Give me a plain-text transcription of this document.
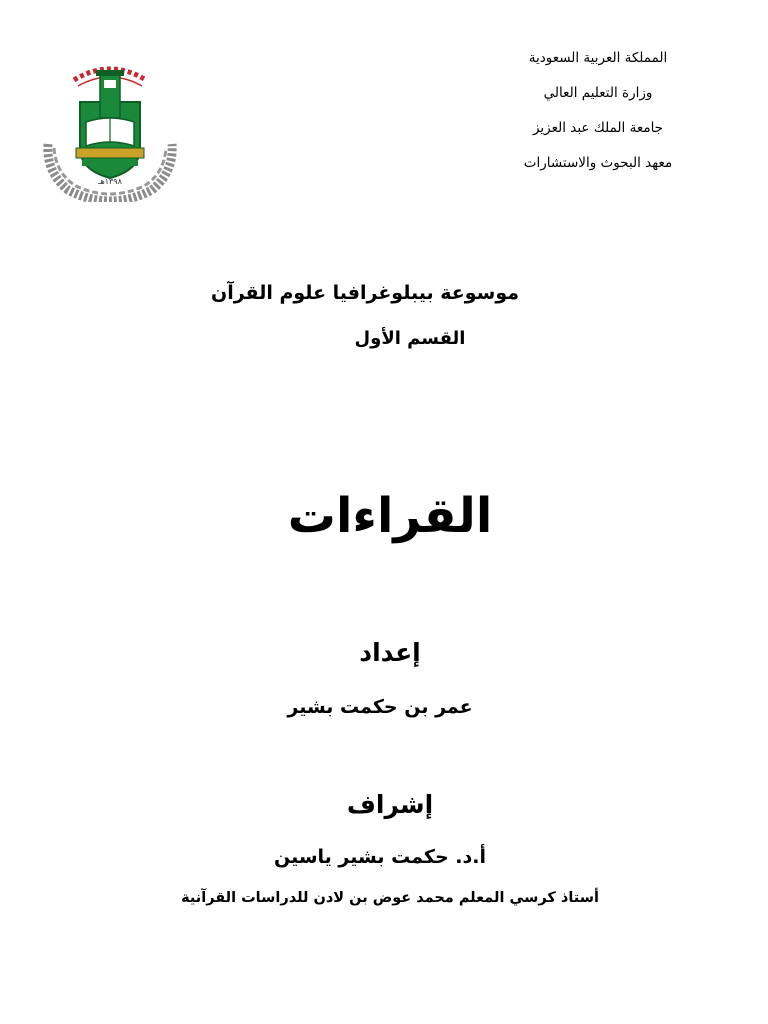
المملكة العربية السعودية
وزارة التعليم العالي
جامعة الملك عبد العزيز
معهد البحوث والاستشارات
١٣٩٨هـ
موسوعة بيبلوغرافيا علوم القرآن
القسم الأول
القراءات
إعداد
عمر بن حكمت بشير
إشراف
أ.د. حكمت بشير ياسين
أستاذ كرسي المعلم محمد عوض بن لادن للدراسات القرآنية
